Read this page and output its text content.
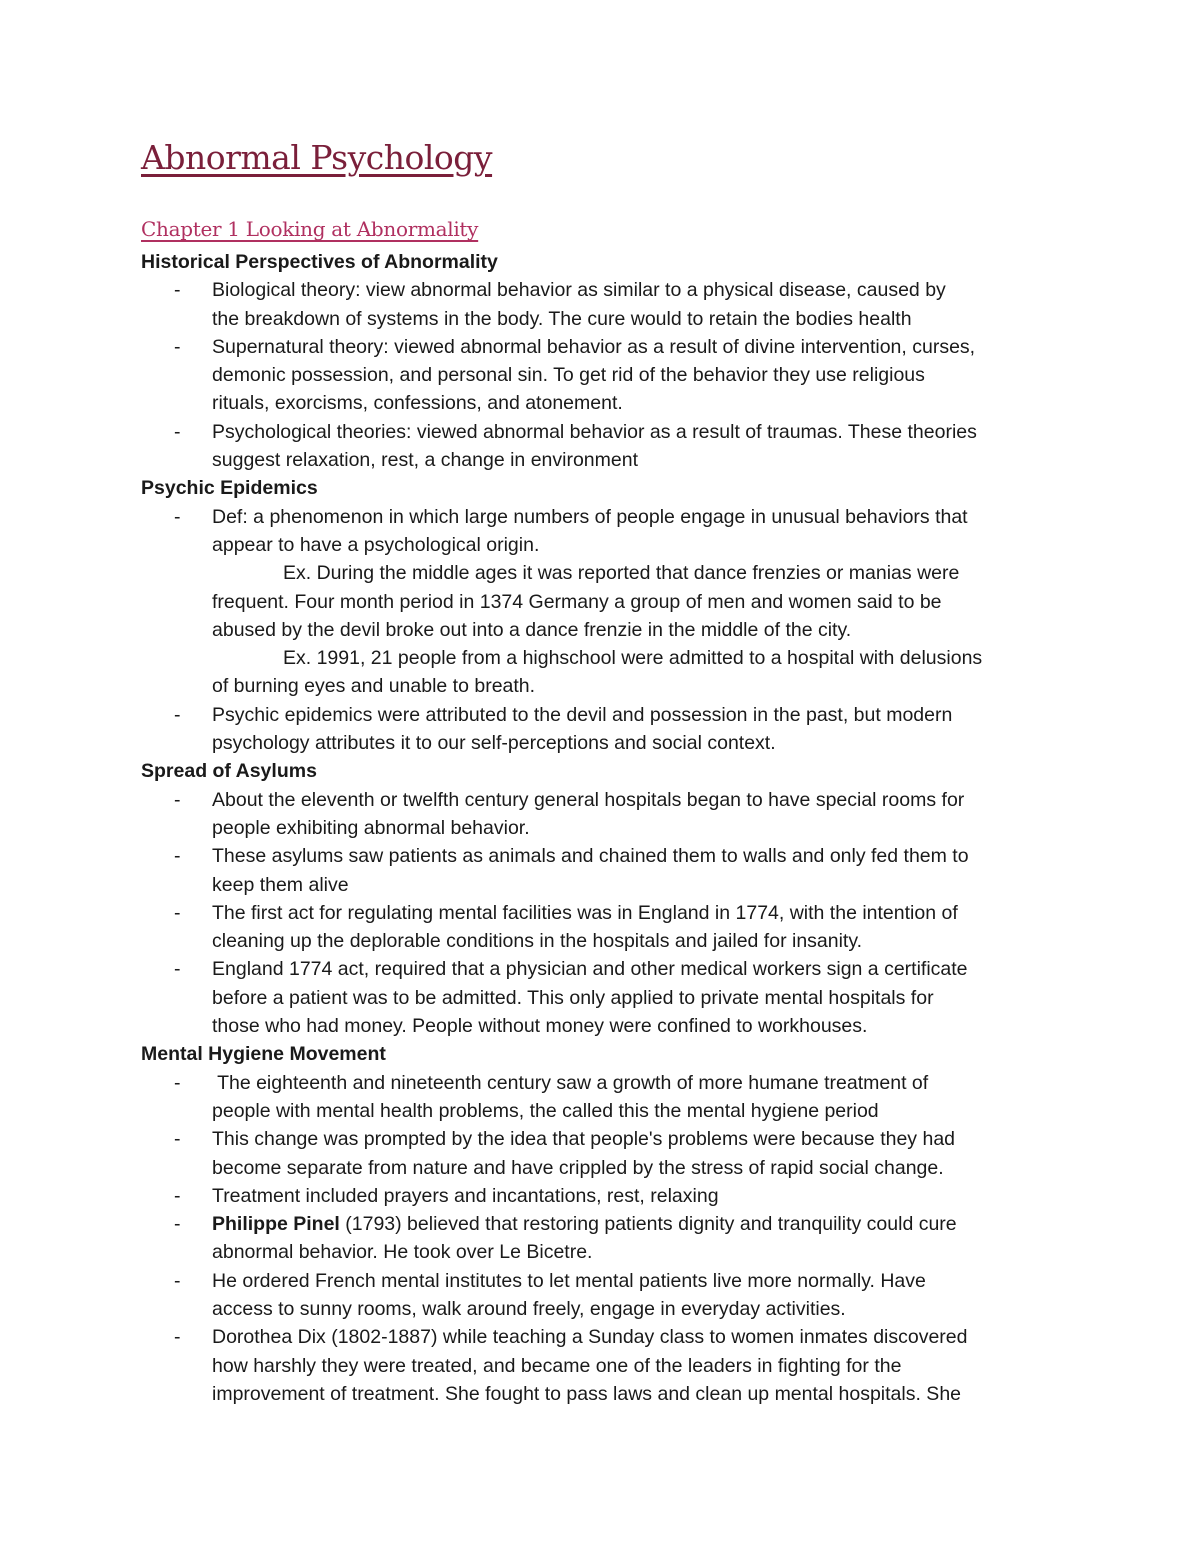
Abnormal Psychology
Chapter 1 Looking at Abnormality
Historical Perspectives of Abnormality
- Biological theory: view abnormal behavior as similar to a physical disease, caused by
the breakdown of systems in the body. The cure would to retain the bodies health
- Supernatural theory: viewed abnormal behavior as a result of divine intervention, curses,
demonic possession, and personal sin. To get rid of the behavior they use religious
rituals, exorcisms, confessions, and atonement.
- Psychological theories: viewed abnormal behavior as a result of traumas. These theories
suggest relaxation, rest, a change in environment
Psychic Epidemics
- Def: a phenomenon in which large numbers of people engage in unusual behaviors that
appear to have a psychological origin.
Ex. During the middle ages it was reported that dance frenzies or manias were
frequent. Four month period in 1374 Germany a group of men and women said to be
abused by the devil broke out into a dance frenzie in the middle of the city.
Ex. 1991, 21 people from a highschool were admitted to a hospital with delusions
of burning eyes and unable to breath.
- Psychic epidemics were attributed to the devil and possession in the past, but modern
psychology attributes it to our self-perceptions and social context.
Spread of Asylums
- About the eleventh or twelfth century general hospitals began to have special rooms for
people exhibiting abnormal behavior.
- These asylums saw patients as animals and chained them to walls and only fed them to
keep them alive
- The first act for regulating mental facilities was in England in 1774, with the intention of
cleaning up the deplorable conditions in the hospitals and jailed for insanity.
- England 1774 act, required that a physician and other medical workers sign a certificate
before a patient was to be admitted. This only applied to private mental hospitals for
those who had money. People without money were confined to workhouses.
Mental Hygiene Movement
- The eighteenth and nineteenth century saw a growth of more humane treatment of
people with mental health problems, the called this the mental hygiene period
- This change was prompted by the idea that people's problems were because they had
become separate from nature and have crippled by the stress of rapid social change.
- Treatment included prayers and incantations, rest, relaxing
- Philippe Pinel (1793) believed that restoring patients dignity and tranquility could cure
abnormal behavior. He took over Le Bicetre.
- He ordered French mental institutes to let mental patients live more normally. Have
access to sunny rooms, walk around freely, engage in everyday activities.
- Dorothea Dix (1802-1887) while teaching a Sunday class to women inmates discovered
how harshly they were treated, and became one of the leaders in fighting for the
improvement of treatment. She fought to pass laws and clean up mental hospitals. She
